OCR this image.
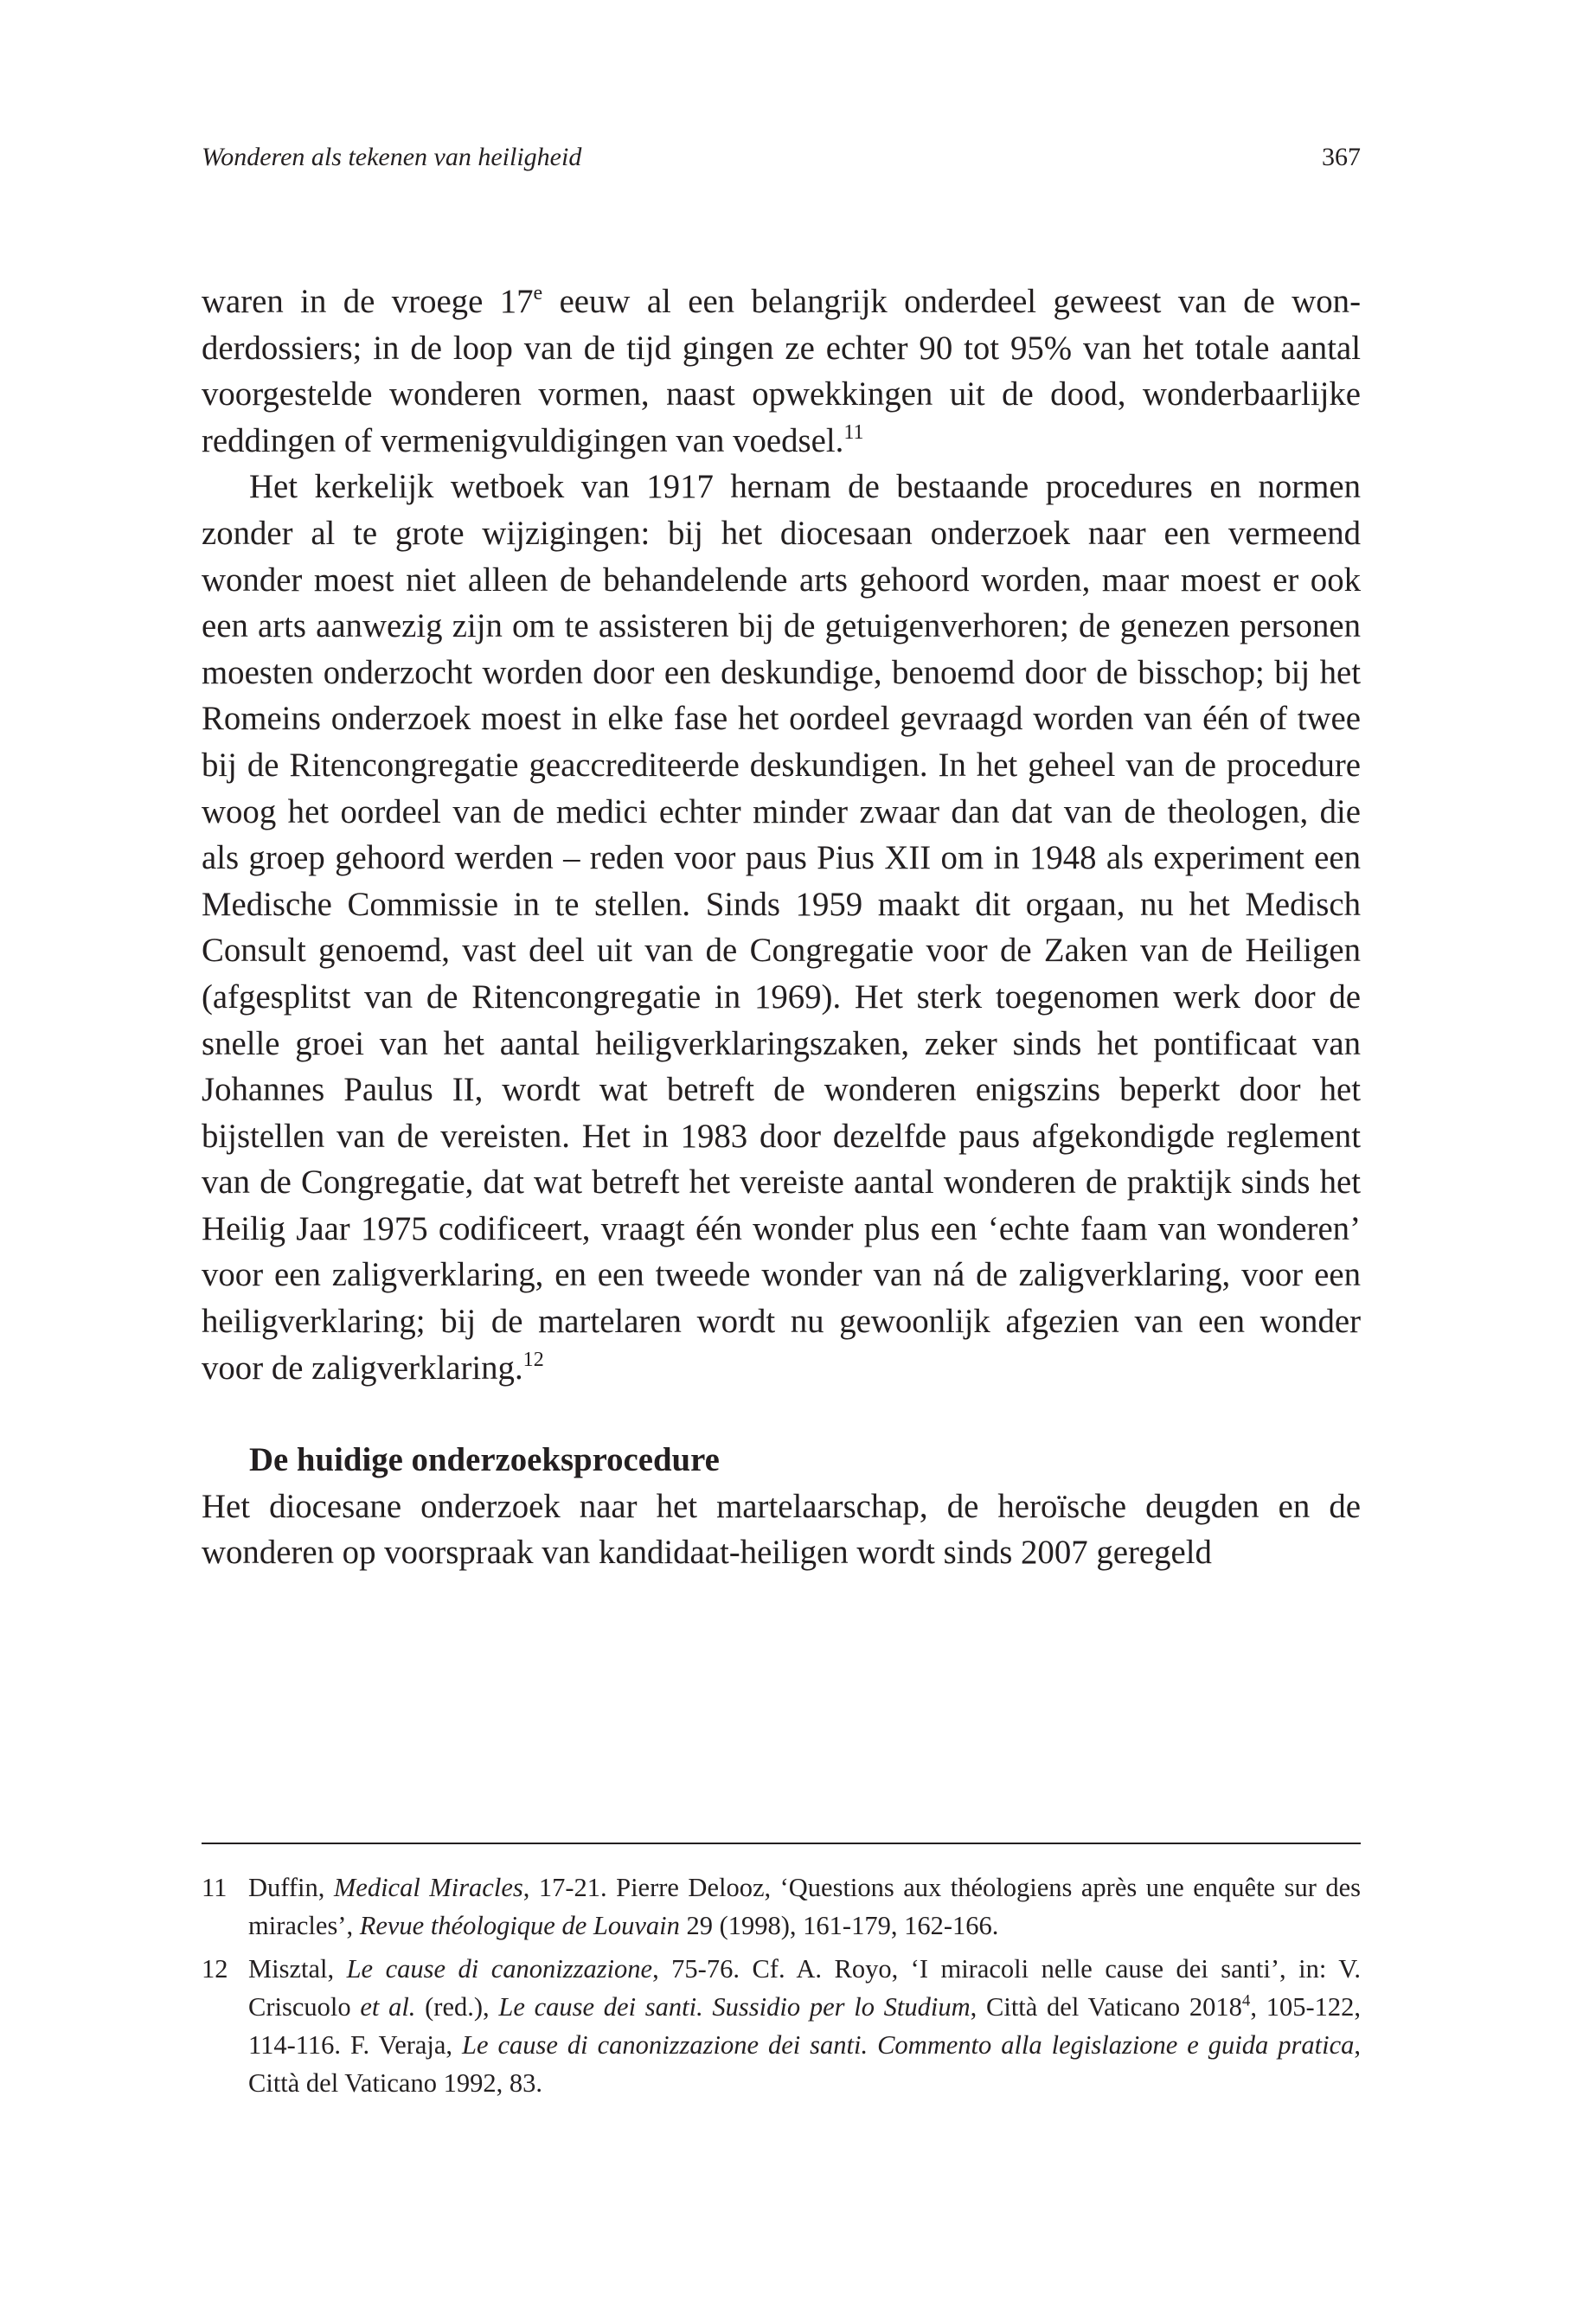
Wonderen als tekenen van heiligheid	367

waren in de vroege 17e eeuw al een belangrijk onderdeel geweest van de wonderdossiers; in de loop van de tijd gingen ze echter 90 tot 95% van het totale aantal voorgestelde wonderen vormen, naast opwekkingen uit de dood, wonderbaarlijke reddingen of vermenigvuldigingen van voedsel.$^{11}$

Het kerkelijk wetboek van 1917 hernam de bestaande procedures en normen zonder al te grote wijzigingen: bij het diocesaan onderzoek naar een vermeend wonder moest niet alleen de behandelende arts gehoord worden, maar moest er ook een arts aanwezig zijn om te assisteren bij de getuigenverhoren; de genezen personen moesten onderzocht worden door een deskundige, benoemd door de bisschop; bij het Romeins onderzoek moest in elke fase het oordeel gevraagd worden van één of twee bij de Ritencongregatie geaccrediteerde deskundigen. In het geheel van de procedure woog het oordeel van de medici echter minder zwaar dan dat van de theologen, die als groep gehoord werden – reden voor paus Pius XII om in 1948 als experiment een Medische Commissie in te stellen. Sinds 1959 maakt dit orgaan, nu het Medisch Consult genoemd, vast deel uit van de Congregatie voor de Zaken van de Heiligen (afgesplitst van de Ritencongregatie in 1969). Het sterk toegenomen werk door de snelle groei van het aantal heiligverklaringszaken, zeker sinds het pontificaat van Johannes Paulus II, wordt wat betreft de wonderen enigszins beperkt door het bijstellen van de vereisten. Het in 1983 door dezelfde paus afgekondigde reglement van de Congregatie, dat wat betreft het vereiste aantal wonderen de praktijk sinds het Heilig Jaar 1975 codificeert, vraagt één wonder plus een ‘echte faam van wonderen’ voor een zaligverklaring, en een tweede wonder van ná de zaligverklaring, voor een heiligverklaring; bij de martelaren wordt nu gewoonlijk afgezien van een wonder voor de zaligverklaring.$^{12}$

De huidige onderzoeksprocedure

Het diocesane onderzoek naar het martelaarschap, de heroïsche deugden en de wonderen op voorspraak van kandidaat-heiligen wordt sinds 2007 geregeld

11 Duffin, Medical Miracles, 17-21. Pierre Delooz, ‘Questions aux théologiens après une enquête sur des miracles’, Revue théologique de Louvain 29 (1998), 161-179, 162-166.
12 Misztal, Le cause di canonizzazione, 75-76. Cf. A. Royo, ‘I miracoli nelle cause dei santi’, in: V. Criscuolo et al. (red.), Le cause dei santi. Sussidio per lo Studium, Città del Vaticano 2018$^4$, 105-122, 114-116. F. Veraja, Le cause di canonizzazione dei santi. Commento alla legislazione e guida pratica, Città del Vaticano 1992, 83.
